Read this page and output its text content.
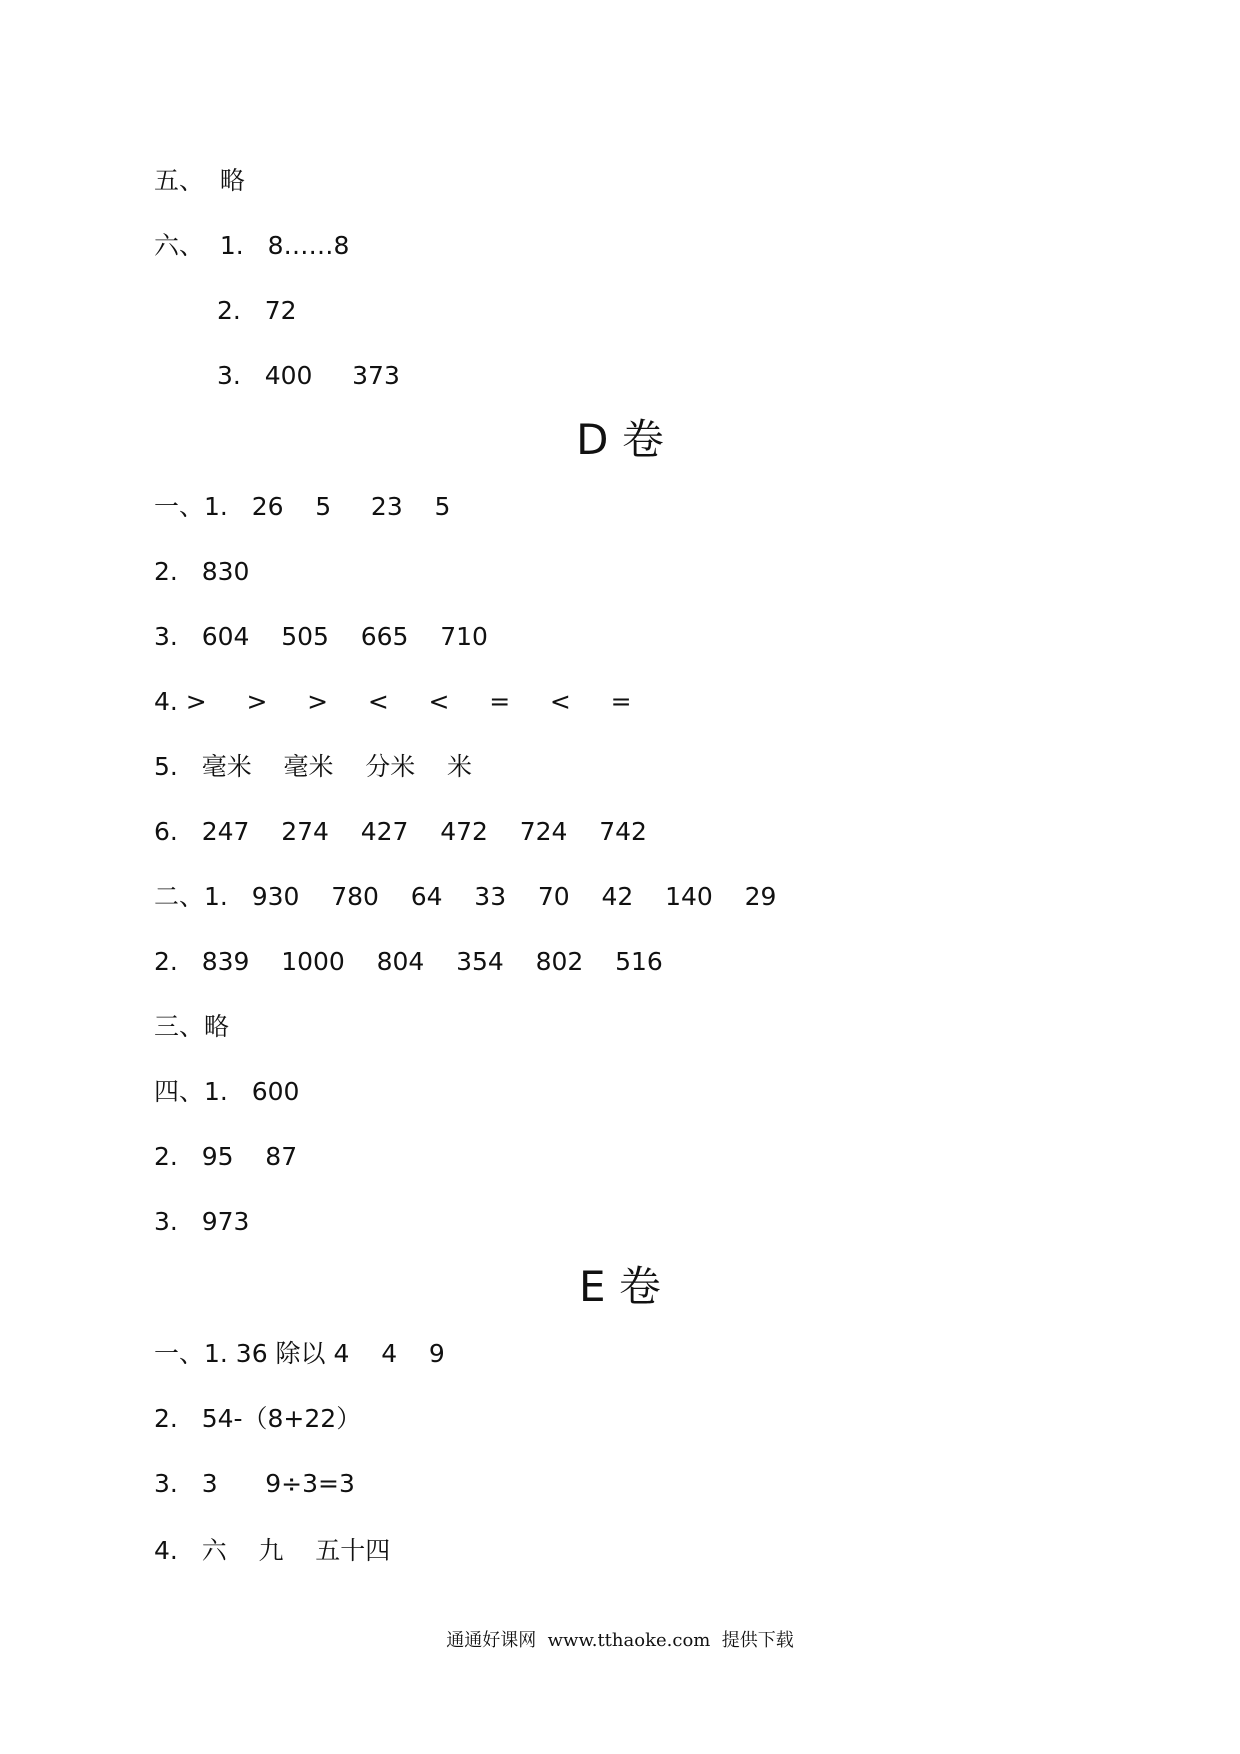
五、  略

六、  1.   8……8

2.   72

3.   400     373

D 卷

一、1.   26    5     23    5

2.   830

3.   604    505    665    710

4. >     >     >     <     <     =     <     =

5.   毫米    毫米    分米    米

6.   247    274    427    472    724    742

二、1.   930    780    64    33    70    42    140    29

2.   839    1000    804    354    802    516

三、略

四、1.   600

2.   95    87

3.   973

E 卷

一、1. 36 除以 4    4    9

2.   54-（8+22）

3.   3      9÷3=3

4.   六    九    五十四

通通好课网  www.tthaoke.com  提供下载
